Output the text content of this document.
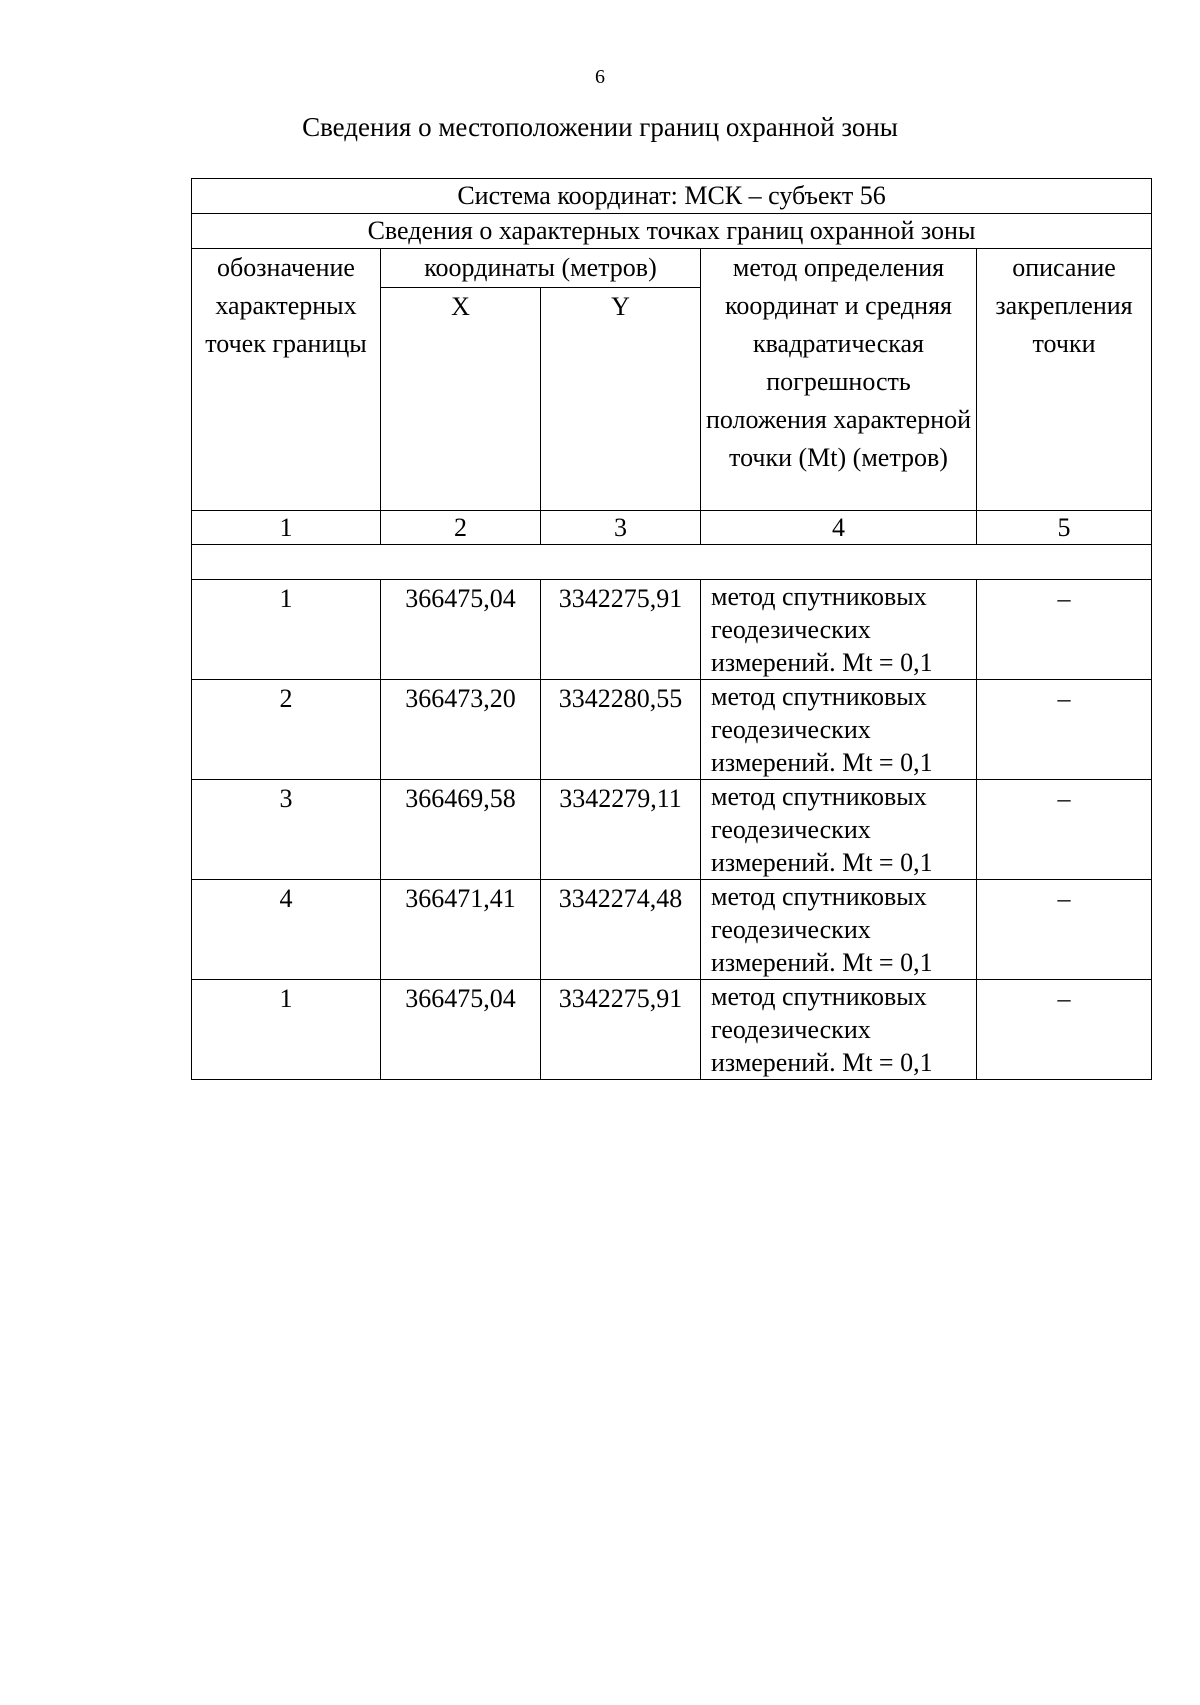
6
Сведения о местоположении границ охранной зоны
Система координат: МСК – субъект 56				
Сведения о характерных точках границ охранной зоны				
обозначение характерных точек границы	координаты (метров)		метод определения координат и средняя квадратическая погрешность положения характерной точки (Mt) (метров)	описание закрепления точки
	X	Y		
1	2	3	4	5

1	366475,04	3342275,91	метод спутниковых геодезических измерений. Mt = 0,1	–
2	366473,20	3342280,55	метод спутниковых геодезических измерений. Mt = 0,1	–
3	366469,58	3342279,11	метод спутниковых геодезических измерений. Mt = 0,1	–
4	366471,41	3342274,48	метод спутниковых геодезических измерений. Mt = 0,1	–
1	366475,04	3342275,91	метод спутниковых геодезических измерений. Mt = 0,1	–
